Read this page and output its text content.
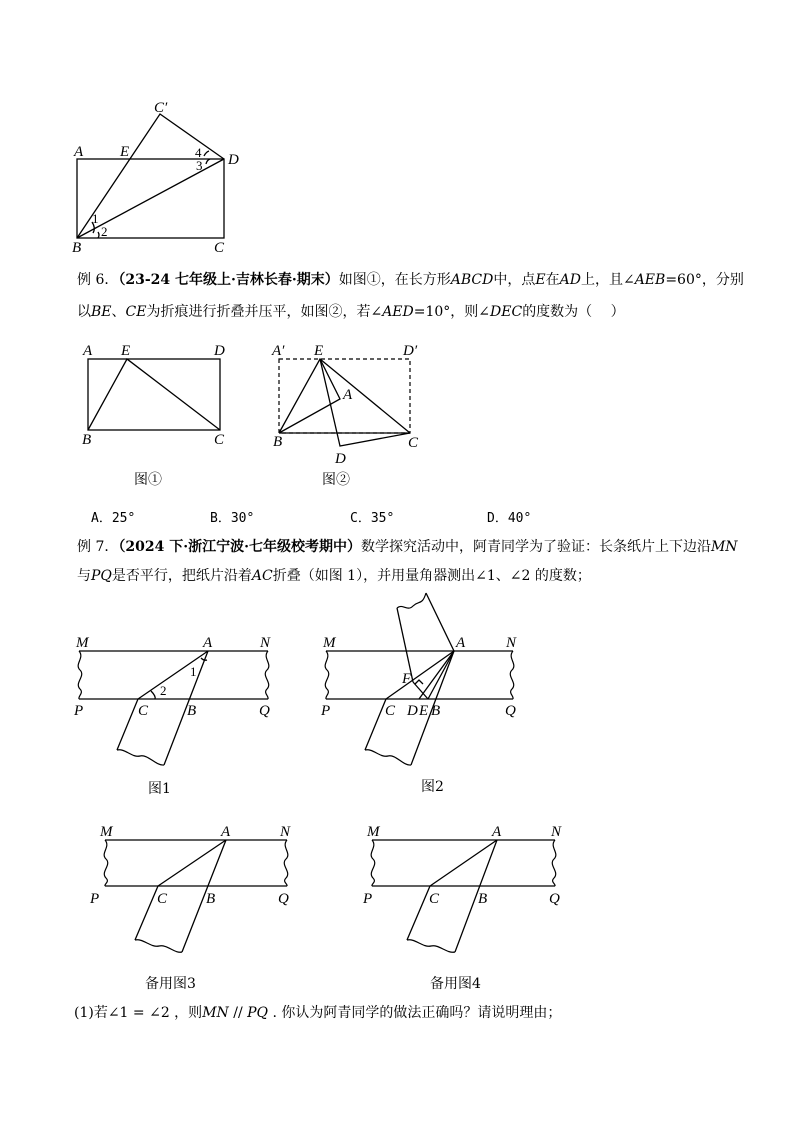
A E
C′
D
B	C
1
2
3
4
例 6．（23-24 七年级上·吉林长春·期末）如图①，在长方形ABCD中，点E在AD上，且∠AEB=60°，分别
以BE、CE为折痕进行折叠并压平，如图②，若∠AED=10°，则∠DEC的度数为（　 ）
A E	D
B	C
A′ E	D′
A
B	C
D
图①	图②
A．25°	B．30°	C．35°	D．40°
例 7．（2024 下·浙江宁波·七年级校考期中）数学探究活动中，阿青同学为了验证：长条纸片上下边沿MN
与PQ是否平行，把纸片沿着AC折叠（如图 1），并用量角器测出∠1、∠2 的度数；
M	A	N
P	C	B	Q
1
2
M	A	N
F
P	C D E B	Q
M	A	N
P	C	B	Q
M	A	N
P	C	B	Q
图1	图2
备用图3	备用图4
(1)若∠1 = ∠2 ，则MN // PQ . 你认为阿青同学的做法正确吗？请说明理由；
